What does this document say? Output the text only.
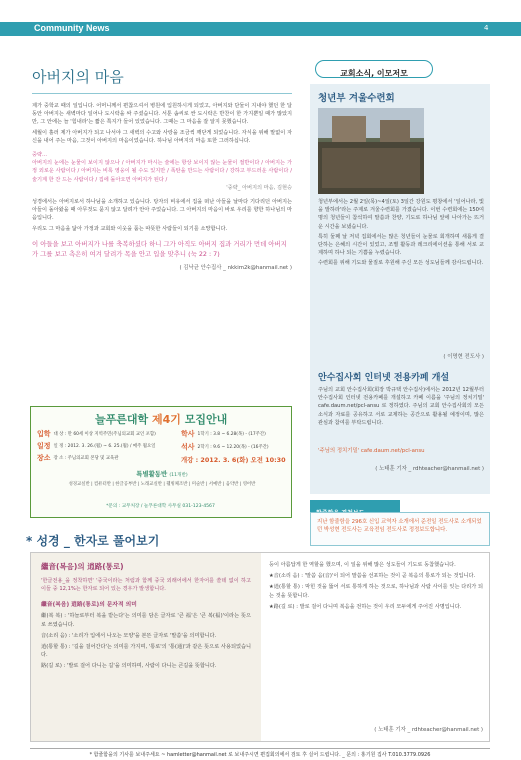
Community News	4
아버지의 마음

제가 중학교 때의 일입니다. 어머니께서 편찮으셔서 병원에 입원하시게 되었고, 아버지와 단둘이 지내야 했던 한 달 동안 아버지는 새벽마다 일어나 도시락을 싸 주셨습니다. 서툰 솜씨로 싼 도시락은 반찬이 한 가지뿐일 때가 많았지만, 그 안에는 늘 '힘내라'는 짧은 쪽지가 들어 있었습니다. 그때는 그 마음을 잘 알지 못했습니다.

세월이 흘러 제가 아버지가 되고 나서야 그 새벽의 수고와 사랑을 조금씩 깨닫게 되었습니다. 자식을 위해 말없이 자신을 내어 주는 마음, 그것이 아버지의 마음이었습니다. 하나님 아버지의 마음 또한 그러하십니다.

중략...
아버지의 눈에는 눈물이 보이지 않으나 / 아버지가 마시는 술에는 항상 보이지 않는 눈물이 절반이다 / 아버지는 가정 외로운 사람이다 / 아버지는 비록 영웅이 될 수도 있지만 / 폭탄을 만드는 사람이다 / 강하고 부드러운 사람이다 / 술기계 한 잔 드는 사람이다 / 집에 돌아오면 아버지가 된다 /
'중략_ 아버지의 마음, 김현승

성경에서는 아버지로서 하나님을 소개하고 있습니다. 탕자의 비유에서 집을 떠난 아들을 날마다 기다리던 아버지는 아들이 돌아왔을 때 아무것도 묻지 않고 달려가 안아 주었습니다. 그 아버지의 마음이 바로 우리를 향한 하나님의 마음입니다.

우리도 그 마음을 닮아 가정과 교회와 이웃을 품는 따뜻한 사람들이 되기를 소망합니다.

이 아들을 보고 아버지가 나를 축복하셨다 하니 그가 아직도 아버지 집과 거리가 먼데 아버지가 그를 보고 측은히 여겨 달려가 목을 안고 입을 맞추니 (눅 22 : 7)
( 김낙균 안수집사 _ nkkim2k@hanmail.net )
늘푸른대학 제4기 모집안내
입학 대 상 : 만 60세 이상 지역주민(주님의교회 교인 포함)
일정 일 정 : 2012. 3. 26.(월) ~ 6. 25.(월) / 매주 월요일
장소 장 소 : 주님의교회 본당 및 교육관
학사 1학기 : 3.8 ~ 6.28(목) - (17주간)
석사 2학기 : 9.6 ~ 12.20(목) - (16주간)
개강 : 2012. 3. 6(화) 오전 10:30
특별활동반 (11개반)
성경교실반 | 컴퓨터반 | 한글공부반 | 노래교실반 | 웰빙체조반 | 미술반 | 서예반 | 음악반 | 영어반
*문의 : 교무처장 / 늘푸른대학 사무실 031-123-4567
교회소식, 이모저모
청년부 겨울수련회

청년부에서는 2월 2일(목)~4일(토) 3일간 강원도 평창에서 '일어나라, 빛을 발하라'라는 주제로 겨울수련회를 가졌습니다. 이번 수련회에는 150여 명의 청년들이 참석하여 말씀과 찬양, 기도로 하나님 앞에 나아가는 뜨거운 시간을 보냈습니다.

특히 둘째 날 저녁 집회에서는 많은 청년들이 눈물로 회개하며 새롭게 결단하는 은혜의 시간이 있었고, 조별 활동과 레크리에이션을 통해 서로 교제하며 하나 되는 기쁨을 누렸습니다.

수련회를 위해 기도와 물질로 후원해 주신 모든 성도님들께 감사드립니다.

( 이명현 전도사 )
안수집사회 인터넷 전용카페 개설
주님의 교회 안수집사회(회장 박규택 안수집사)에서는 2012년 12월부터 안수집사회 인터넷 전용카페를 개설하고 카페 이름을 '주님의 정치기밀' cafe.daum.net/pcl-ansu 로 정하였다. 주님의 교회 안수집사회의 모든 소식과 자료를 공유하고 서로 교제하는 공간으로 활용될 예정이며, 많은 관심과 참여를 부탁드립니다.
'주님의 정치기밀' cafe.daum.net/pcl-ansu
( 노태훈 기자 _ rdhteacher@hanmail.net )
지난 함줄함을 296호 신입 교역자 소개에서 준전일 전도사로 소개되었던 박성현 전도사는 교육전임 전도사로 정정보도합니다.
* 성경 _ 한자로 풀어보기
繼音(복음)의 逍路(통로)
'한글전용_을 정착하면' '중국이라는 처럼과 함께 중국 외래어에서 한자어를 쓸데 없이 하고 이들 중 12,1%는 한자로 되어 있는 경우가 발생합니다.
繼音(복음) 逍路(통로)의 문자적 의미
繼(복 복) : '하늘로부터 복을 받는다'는 의미를 담은 글자로 '큰 福'은 '큰 복(福)'이라는 뜻으로 쓰였습니다.
音(소리 음) : '소리가 입에서 나오는 모양'을 본뜬 글자로 '말씀'을 의미합니다.
逍(통할 통) : '길을 걸어간다'는 의미를 가지며, '통로'의 '통(通)'과 같은 뜻으로 사용되었습니다.
路(길 로) : '발로 걸어 다니는 길'을 의미하며, 사람이 다니는 큰길을 뜻합니다.
등이 아름답게 한 역할을 했으며, 이 일을 위해 많은 성도들이 기도로 동참했습니다.
★音(소리 음) : '말씀 음(音)'이 되어 말씀을 선포하는 것이 곧 복음의 통로가 되는 것입니다.
★逍(통할 통) : 막힌 것을 뚫어 서로 통하게 하는 것으로, 하나님과 사람 사이를 잇는 다리가 되는 것을 뜻합니다.
★路(길 로) : 발로 걸어 다니며 복음을 전하는 것이 우리 모두에게 주어진 사명입니다.
( 노태훈 기자 _ rdhteacher@hanmail.net )
* 함줄함을의 기사를 보내주세요 ~ hamletter@hanmail.net 로 보내주시면 편집회의에서 검토 후 실어 드립니다. _ 문의 : 홍기원 집사 T.010.3779.0926
